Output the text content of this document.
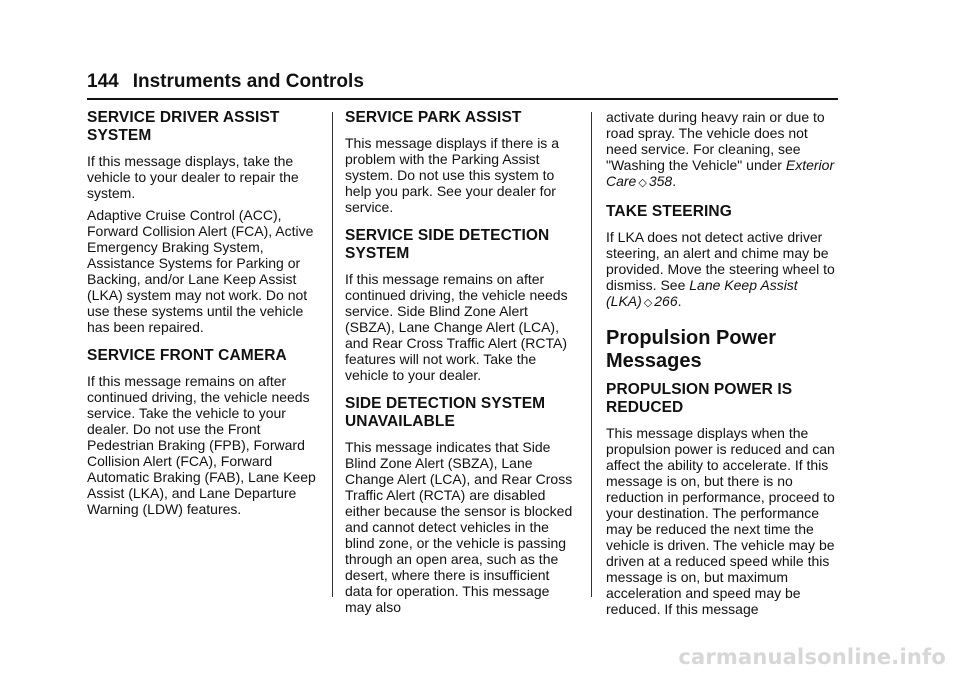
144 Instruments and Controls
SERVICE DRIVER ASSIST SYSTEM

If this message displays, take the vehicle to your dealer to repair the system.

Adaptive Cruise Control (ACC), Forward Collision Alert (FCA), Active Emergency Braking System, Assistance Systems for Parking or Backing, and/or Lane Keep Assist (LKA) system may not work. Do not use these systems until the vehicle has been repaired.

SERVICE FRONT CAMERA

If this message remains on after continued driving, the vehicle needs service. Take the vehicle to your dealer. Do not use the Front Pedestrian Braking (FPB), Forward Collision Alert (FCA), Forward Automatic Braking (FAB), Lane Keep Assist (LKA), and Lane Departure Warning (LDW) features.

SERVICE PARK ASSIST

This message displays if there is a problem with the Parking Assist system. Do not use this system to help you park. See your dealer for service.

SERVICE SIDE DETECTION SYSTEM

If this message remains on after continued driving, the vehicle needs service. Side Blind Zone Alert (SBZA), Lane Change Alert (LCA), and Rear Cross Traffic Alert (RCTA) features will not work. Take the vehicle to your dealer.

SIDE DETECTION SYSTEM UNAVAILABLE

This message indicates that Side Blind Zone Alert (SBZA), Lane Change Alert (LCA), and Rear Cross Traffic Alert (RCTA) are disabled either because the sensor is blocked and cannot detect vehicles in the blind zone, or the vehicle is passing through an open area, such as the desert, where there is insufficient data for operation. This message may also

activate during heavy rain or due to road spray. The vehicle does not need service. For cleaning, see "Washing the Vehicle" under Exterior Care ◇ 358.

TAKE STEERING

If LKA does not detect active driver steering, an alert and chime may be provided. Move the steering wheel to dismiss. See Lane Keep Assist (LKA) ◇ 266.

Propulsion Power Messages
PROPULSION POWER IS REDUCED

This message displays when the propulsion power is reduced and can affect the ability to accelerate. If this message is on, but there is no reduction in performance, proceed to your destination. The performance may be reduced the next time the vehicle is driven. The vehicle may be driven at a reduced speed while this message is on, but maximum acceleration and speed may be reduced. If this message

carmanualsonline.info
